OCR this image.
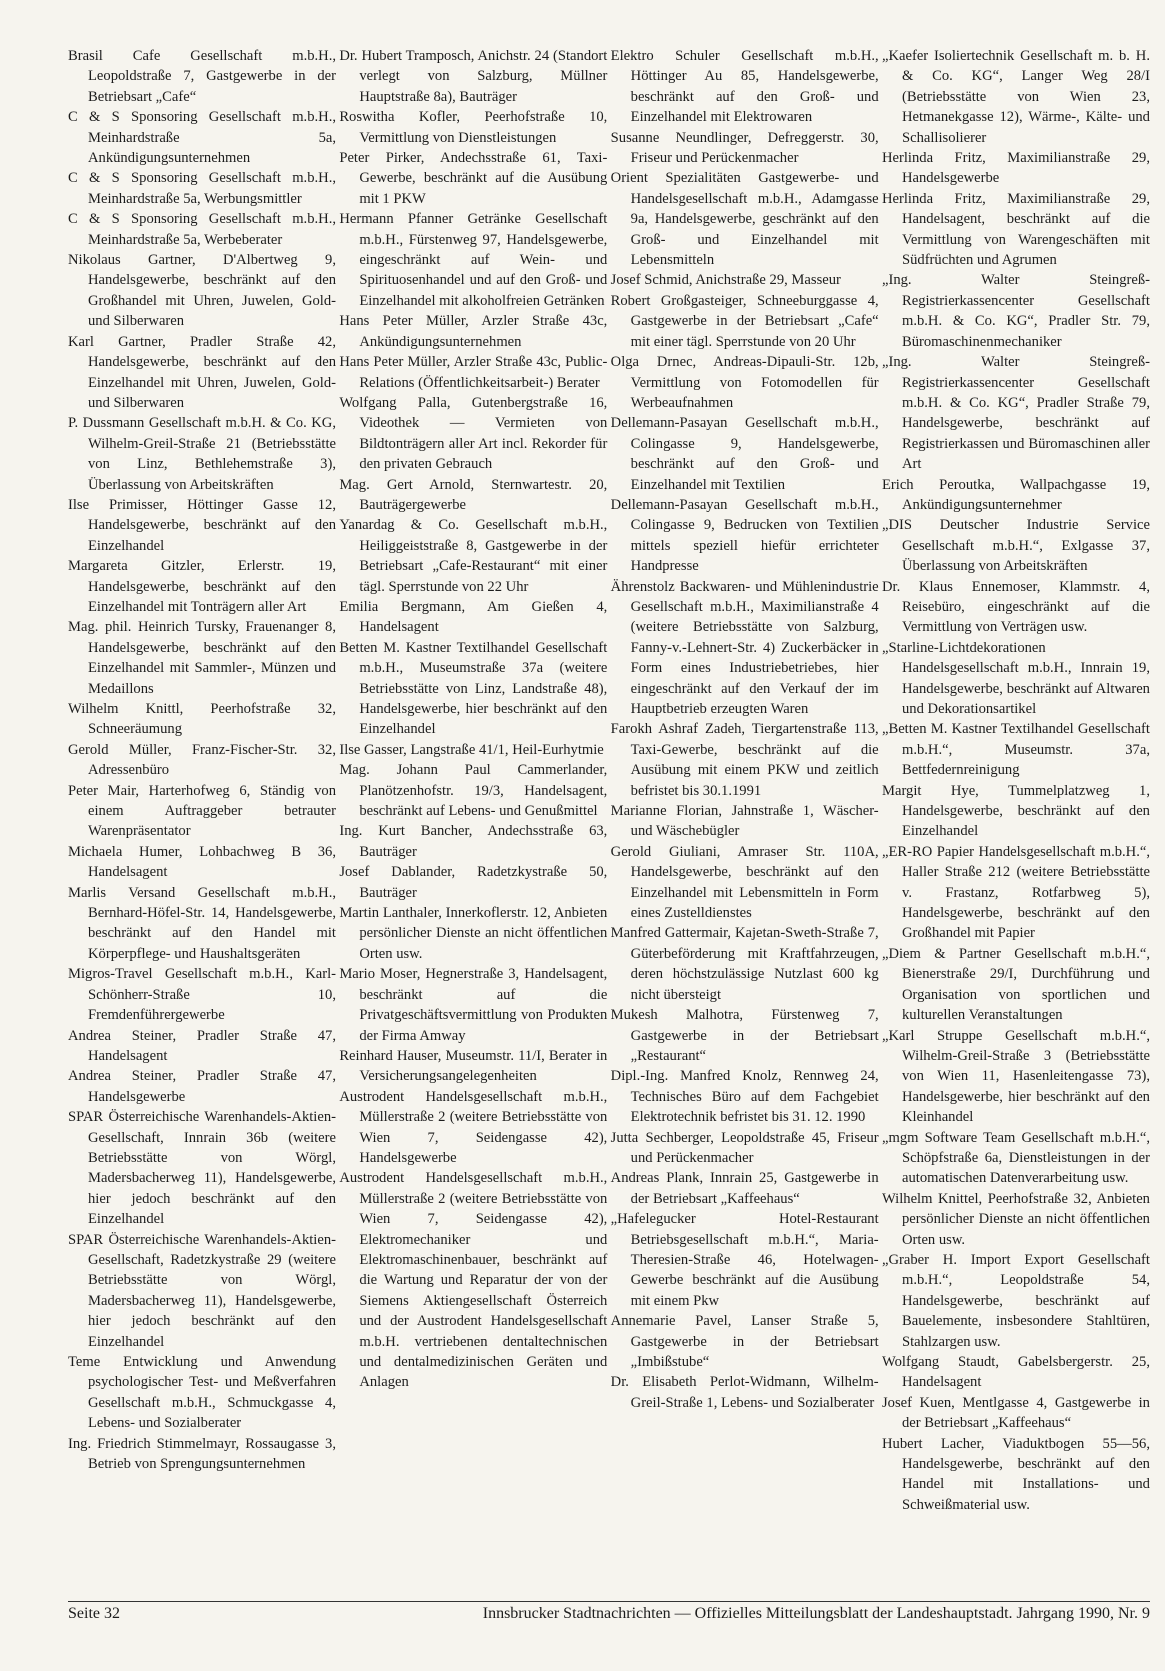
Brasil Cafe Gesellschaft m.b.H., Leopoldstraße 7, Gastgewerbe in der Betriebsart „Cafe“

C & S Sponsoring Gesellschaft m.b.H., Meinhardstraße 5a, Ankündigungsunternehmen

C & S Sponsoring Gesellschaft m.b.H., Meinhardstraße 5a, Werbungsmittler

C & S Sponsoring Gesellschaft m.b.H., Meinhardstraße 5a, Werbeberater

Nikolaus Gartner, D'Albertweg 9, Handelsgewerbe, beschränkt auf den Großhandel mit Uhren, Juwelen, Gold- und Silberwaren

Karl Gartner, Pradler Straße 42, Handelsgewerbe, beschränkt auf den Einzelhandel mit Uhren, Juwelen, Gold- und Silberwaren

P. Dussmann Gesellschaft m.b.H. & Co. KG, Wilhelm-Greil-Straße 21 (Betriebsstätte von Linz, Bethlehemstraße 3), Überlassung von Arbeitskräften

Ilse Primisser, Höttinger Gasse 12, Handelsgewerbe, beschränkt auf den Einzelhandel

Margareta Gitzler, Erlerstr. 19, Handelsgewerbe, beschränkt auf den Einzelhandel mit Tonträgern aller Art

Mag. phil. Heinrich Tursky, Frauenanger 8, Handelsgewerbe, beschränkt auf den Einzelhandel mit Sammler-, Münzen und Medaillons

Wilhelm Knittl, Peerhofstraße 32, Schneeräumung

Gerold Müller, Franz-Fischer-Str. 32, Adressenbüro

Peter Mair, Harterhofweg 6, Ständig von einem Auftraggeber betrauter Warenpräsentator

Michaela Humer, Lohbachweg B 36, Handelsagent

Marlis Versand Gesellschaft m.b.H., Bernhard-Höfel-Str. 14, Handelsgewerbe, beschränkt auf den Handel mit Körperpflege- und Haushaltsgeräten

Migros-Travel Gesellschaft m.b.H., Karl-Schönherr-Straße 10, Fremdenführergewerbe

Andrea Steiner, Pradler Straße 47, Handelsagent

Andrea Steiner, Pradler Straße 47, Handelsgewerbe

SPAR Österreichische Warenhandels-Aktien-Gesellschaft, Innrain 36b (weitere Betriebsstätte von Wörgl, Madersbacherweg 11), Handelsgewerbe, hier jedoch beschränkt auf den Einzelhandel

SPAR Österreichische Warenhandels-Aktien-Gesellschaft, Radetzkystraße 29 (weitere Betriebsstätte von Wörgl, Madersbacherweg 11), Handelsgewerbe, hier jedoch beschränkt auf den Einzelhandel

Teme Entwicklung und Anwendung psychologischer Test- und Meßverfahren Gesellschaft m.b.H., Schmuckgasse 4, Lebens- und Sozialberater

Ing. Friedrich Stimmelmayr, Rossaugasse 3, Betrieb von Sprengungsunternehmen

Dr. Hubert Tramposch, Anichstr. 24 (Standort verlegt von Salzburg, Müllner Hauptstraße 8a), Bauträger

Roswitha Kofler, Peerhofstraße 10, Vermittlung von Dienstleistungen

Peter Pirker, Andechsstraße 61, Taxi-Gewerbe, beschränkt auf die Ausübung mit 1 PKW

Hermann Pfanner Getränke Gesellschaft m.b.H., Fürstenweg 97, Handelsgewerbe, eingeschränkt auf Wein- und Spirituosenhandel und auf den Groß- und Einzelhandel mit alkoholfreien Getränken

Hans Peter Müller, Arzler Straße 43c, Ankündigungsunternehmen

Hans Peter Müller, Arzler Straße 43c, Public-Relations (Öffentlichkeitsarbeit-) Berater

Wolfgang Palla, Gutenbergstraße 16, Videothek — Vermieten von Bildtonträgern aller Art incl. Rekorder für den privaten Gebrauch

Mag. Gert Arnold, Sternwartestr. 20, Bauträgergewerbe

Yanardag & Co. Gesellschaft m.b.H., Heiliggeiststraße 8, Gastgewerbe in der Betriebsart „Cafe-Restaurant“ mit einer tägl. Sperrstunde von 22 Uhr

Emilia Bergmann, Am Gießen 4, Handelsagent

Betten M. Kastner Textilhandel Gesellschaft m.b.H., Museumstraße 37a (weitere Betriebsstätte von Linz, Landstraße 48), Handelsgewerbe, hier beschränkt auf den Einzelhandel

Ilse Gasser, Langstraße 41/1, Heil-Eurhytmie

Mag. Johann Paul Cammerlander, Planötzenhofstr. 19/3, Handelsagent, beschränkt auf Lebens- und Genußmittel

Ing. Kurt Bancher, Andechsstraße 63, Bauträger

Josef Dablander, Radetzkystraße 50, Bauträger

Martin Lanthaler, Innerkoflerstr. 12, Anbieten persönlicher Dienste an nicht öffentlichen Orten usw.

Mario Moser, Hegnerstraße 3, Handelsagent, beschränkt auf die Privatgeschäftsvermittlung von Produkten der Firma Amway

Reinhard Hauser, Museumstr. 11/I, Berater in Versicherungsangelegenheiten

Austrodent Handelsgesellschaft m.b.H., Müllerstraße 2 (weitere Betriebsstätte von Wien 7, Seidengasse 42), Handelsgewerbe

Austrodent Handelsgesellschaft m.b.H., Müllerstraße 2 (weitere Betriebsstätte von Wien 7, Seidengasse 42), Elektromechaniker und Elektromaschinenbauer, beschränkt auf die Wartung und Reparatur der von der Siemens Aktiengesellschaft Österreich und der Austrodent Handelsgesellschaft m.b.H. vertriebenen dentaltechnischen und dentalmedizinischen Geräten und Anlagen

Elektro Schuler Gesellschaft m.b.H., Höttinger Au 85, Handelsgewerbe, beschränkt auf den Groß- und Einzelhandel mit Elektrowaren

Susanne Neundlinger, Defreggerstr. 30, Friseur und Perückenmacher

Orient Spezialitäten Gastgewerbe- und Handelsgesellschaft m.b.H., Adamgasse 9a, Handelsgewerbe, geschränkt auf den Groß- und Einzelhandel mit Lebensmitteln

Josef Schmid, Anichstraße 29, Masseur

Robert Großgasteiger, Schneeburggasse 4, Gastgewerbe in der Betriebsart „Cafe“ mit einer tägl. Sperrstunde von 20 Uhr

Olga Drnec, Andreas-Dipauli-Str. 12b, Vermittlung von Fotomodellen für Werbeaufnahmen

Dellemann-Pasayan Gesellschaft m.b.H., Colingasse 9, Handelsgewerbe, beschränkt auf den Groß- und Einzelhandel mit Textilien

Dellemann-Pasayan Gesellschaft m.b.H., Colingasse 9, Bedrucken von Textilien mittels speziell hiefür errichteter Handpresse

Ährenstolz Backwaren- und Mühlenindustrie Gesellschaft m.b.H., Maximilianstraße 4 (weitere Betriebsstätte von Salzburg, Fanny-v.-Lehnert-Str. 4) Zuckerbäcker in Form eines Industriebetriebes, hier eingeschränkt auf den Verkauf der im Hauptbetrieb erzeugten Waren

Farokh Ashraf Zadeh, Tiergartenstraße 113, Taxi-Gewerbe, beschränkt auf die Ausübung mit einem PKW und zeitlich befristet bis 30.1.1991

Marianne Florian, Jahnstraße 1, Wäscher- und Wäschebügler

Gerold Giuliani, Amraser Str. 110A, Handelsgewerbe, beschränkt auf den Einzelhandel mit Lebensmitteln in Form eines Zustelldienstes

Manfred Gattermair, Kajetan-Sweth-Straße 7, Güterbeförderung mit Kraftfahrzeugen, deren höchstzulässige Nutzlast 600 kg nicht übersteigt

Mukesh Malhotra, Fürstenweg 7, Gastgewerbe in der Betriebsart „Restaurant“

Dipl.-Ing. Manfred Knolz, Rennweg 24, Technisches Büro auf dem Fachgebiet Elektrotechnik befristet bis 31. 12. 1990

Jutta Sechberger, Leopoldstraße 45, Friseur und Perückenmacher

Andreas Plank, Innrain 25, Gastgewerbe in der Betriebsart „Kaffeehaus“

„Hafelegucker Hotel-Restaurant Betriebsgesellschaft m.b.H.“, Maria-Theresien-Straße 46, Hotelwagen-Gewerbe beschränkt auf die Ausübung mit einem Pkw

Annemarie Pavel, Lanser Straße 5, Gastgewerbe in der Betriebsart „Imbißstube“

Dr. Elisabeth Perlot-Widmann, Wilhelm-Greil-Straße 1, Lebens- und Sozialberater

„Kaefer Isoliertechnik Gesellschaft m. b. H. & Co. KG“, Langer Weg 28/I (Betriebsstätte von Wien 23, Hetmanekgasse 12), Wärme-, Kälte- und Schallisolierer

Herlinda Fritz, Maximilianstraße 29, Handelsgewerbe

Herlinda Fritz, Maximilianstraße 29, Handelsagent, beschränkt auf die Vermittlung von Warengeschäften mit Südfrüchten und Agrumen

„Ing. Walter Steingreß-Registrierkassencenter Gesellschaft m.b.H. & Co. KG“, Pradler Str. 79, Büromaschinenmechaniker

„Ing. Walter Steingreß-Registrierkassencenter Gesellschaft m.b.H. & Co. KG“, Pradler Straße 79, Handelsgewerbe, beschränkt auf Registrierkassen und Büromaschinen aller Art

Erich Peroutka, Wallpachgasse 19, Ankündigungsunternehmer

„DIS Deutscher Industrie Service Gesellschaft m.b.H.“, Exlgasse 37, Überlassung von Arbeitskräften

Dr. Klaus Ennemoser, Klammstr. 4, Reisebüro, eingeschränkt auf die Vermittlung von Verträgen usw.

„Starline-Lichtdekorationen Handelsgesellschaft m.b.H., Innrain 19, Handelsgewerbe, beschränkt auf Altwaren und Dekorationsartikel

„Betten M. Kastner Textilhandel Gesellschaft m.b.H.“, Museumstr. 37a, Bettfedernreinigung

Margit Hye, Tummelplatzweg 1, Handelsgewerbe, beschränkt auf den Einzelhandel

„ER-RO Papier Handelsgesellschaft m.b.H.“, Haller Straße 212 (weitere Betriebsstätte v. Frastanz, Rotfarbweg 5), Handelsgewerbe, beschränkt auf den Großhandel mit Papier

„Diem & Partner Gesellschaft m.b.H.“, Bienerstraße 29/I, Durchführung und Organisation von sportlichen und kulturellen Veranstaltungen

„Karl Struppe Gesellschaft m.b.H.“, Wilhelm-Greil-Straße 3 (Betriebsstätte von Wien 11, Hasenleitengasse 73), Handelsgewerbe, hier beschränkt auf den Kleinhandel

„mgm Software Team Gesellschaft m.b.H.“, Schöpfstraße 6a, Dienstleistungen in der automatischen Datenverarbeitung usw.

Wilhelm Knittel, Peerhofstraße 32, Anbieten persönlicher Dienste an nicht öffentlichen Orten usw.

„Graber H. Import Export Gesellschaft m.b.H.“, Leopoldstraße 54, Handelsgewerbe, beschränkt auf Bauelemente, insbesondere Stahltüren, Stahlzargen usw.

Wolfgang Staudt, Gabelsbergerstr. 25, Handelsagent

Josef Kuen, Mentlgasse 4, Gastgewerbe in der Betriebsart „Kaffeehaus“

Hubert Lacher, Viaduktbogen 55—56, Handelsgewerbe, beschränkt auf den Handel mit Installations- und Schweißmaterial usw.

Seite 32	Innsbrucker Stadtnachrichten — Offizielles Mitteilungsblatt der Landeshauptstadt. Jahrgang 1990, Nr. 9
